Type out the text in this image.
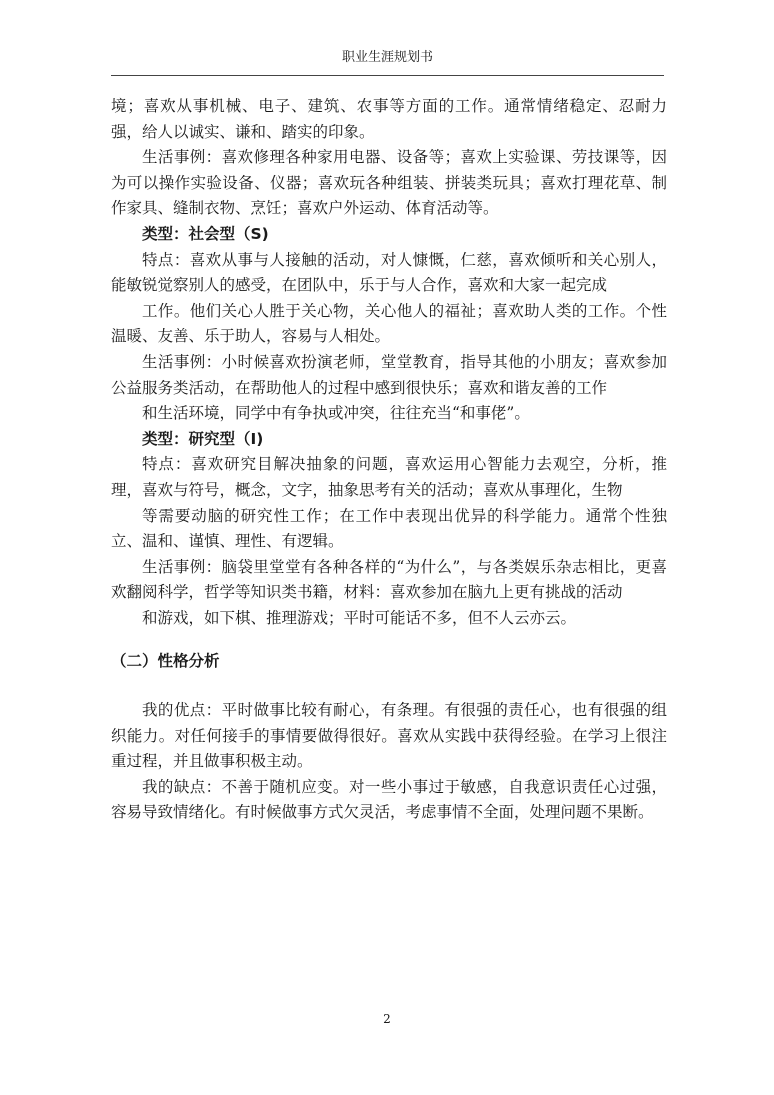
职业生涯规划书

境；喜欢从事机械、电子、建筑、农事等方面的工作。通常情绪稳定、忍耐力强，给人以诚实、谦和、踏实的印象。

生活事例：喜欢修理各种家用电器、设备等；喜欢上实验课、劳技课等，因为可以操作实验设备、仪器；喜欢玩各种组装、拼装类玩具；喜欢打理花草、制作家具、缝制衣物、烹饪；喜欢户外运动、体育活动等。

类型：社会型（S)

特点：喜欢从事与人接触的活动，对人慷慨，仁慈，喜欢倾听和关心别人，能敏锐觉察别人的感受，在团队中，乐于与人合作，喜欢和大家一起完成

工作。他们关心人胜于关心物，关心他人的福祉；喜欢助人类的工作。个性温暖、友善、乐于助人，容易与人相处。

生活事例：小时候喜欢扮演老师，堂堂教育，指导其他的小朋友；喜欢参加公益服务类活动，在帮助他人的过程中感到很快乐；喜欢和谐友善的工作

和生活环境，同学中有争执或冲突，往往充当“和事佬”。

类型：研究型（I)

特点：喜欢研究目解决抽象的问题，喜欢运用心智能力去观空，分析，推理，喜欢与符号，概念，文字，抽象思考有关的活动；喜欢从事理化，生物

等需要动脑的研究性工作；在工作中表现出优异的科学能力。通常个性独立、温和、谨慎、理性、有逻辑。

生活事例：脑袋里堂堂有各种各样的“为什么”，与各类娱乐杂志相比，更喜欢翻阅科学，哲学等知识类书籍，材料：喜欢参加在脑九上更有挑战的活动

和游戏，如下棋、推理游戏；平时可能话不多，但不人云亦云。

（二）性格分析

我的优点：平时做事比较有耐心，有条理。有很强的责任心，也有很强的组织能力。对任何接手的事情要做得很好。喜欢从实践中获得经验。在学习上很注重过程，并且做事积极主动。

我的缺点：不善于随机应变。对一些小事过于敏感，自我意识责任心过强，容易导致情绪化。有时候做事方式欠灵活，考虑事情不全面，处理问题不果断。

2
